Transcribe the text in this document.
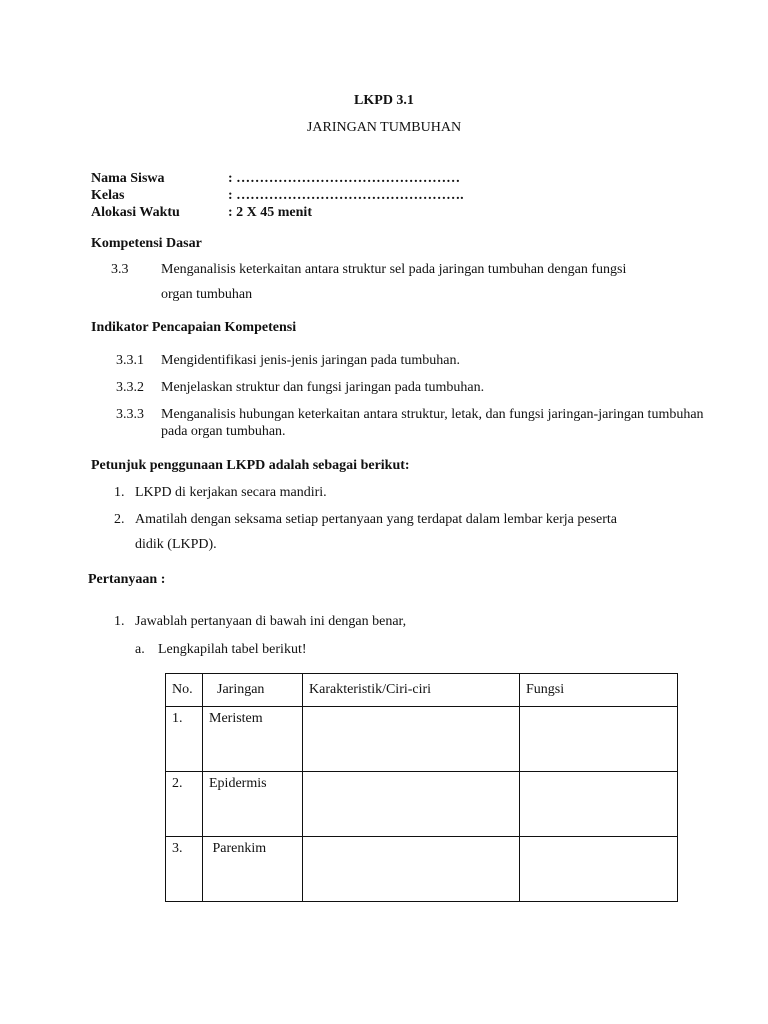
LKPD 3.1
JARINGAN TUMBUHAN
Nama Siswa	: …………………………………………
Kelas	: ………………………………………….
Alokasi Waktu	: 2 X 45 menit
Kompetensi Dasar
3.3 Menganalisis keterkaitan antara struktur sel pada jaringan tumbuhan dengan fungsi
organ tumbuhan
Indikator Pencapaian Kompetensi
3.3.1 Mengidentifikasi jenis-jenis jaringan pada tumbuhan.
3.3.2 Menjelaskan struktur dan fungsi jaringan pada tumbuhan.
3.3.3 Menganalisis hubungan keterkaitan antara struktur, letak, dan fungsi jaringan-jaringan tumbuhan
pada organ tumbuhan.
Petunjuk penggunaan LKPD adalah sebagai berikut:
1. LKPD di kerjakan secara mandiri.
2. Amatilah dengan seksama setiap pertanyaan yang terdapat dalam lembar kerja peserta
didik (LKPD).
Pertanyaan :
1. Jawablah pertanyaan di bawah ini dengan benar,
a. Lengkapilah tabel berikut!
No.	Jaringan	Karakteristik/Ciri-ciri	Fungsi
1.	Meristem		
2.	Epidermis		
3.	Parenkim		
